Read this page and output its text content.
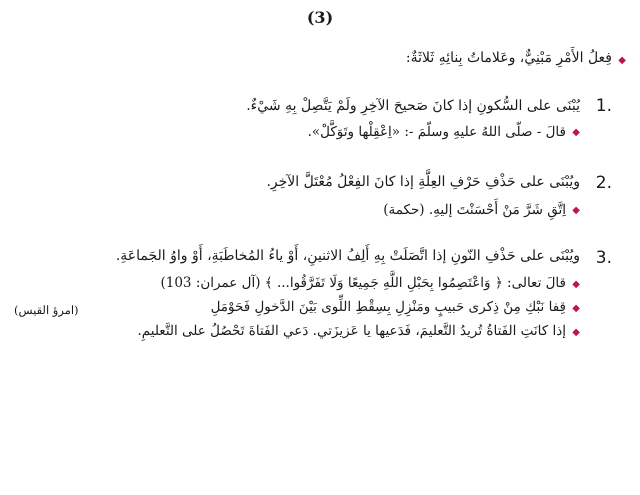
(3)
◆
فِعلُ الأَمْرِ مَبْنِيٌّ، وعَلاماتُ بِنائِهِ ثَلاثَةٌ:
1.
يُبْنَى على السُّكونِ إذا كانَ صَحيحَ الآخِرِ ولَمْ يَتَّصِلْ بِهِ شَيْءٌ.
◆
قالَ - صلّى اللهُ عليهِ وسلّمَ -: «اِعْقِلْها وتَوَكَّلْ».
2.
ويُبْنَى على حَذْفِ حَرْفِ العِلَّةِ إذا كانَ الفِعْلُ مُعْتَلَّ الآخِرِ.
◆
اِتَّقِ شَرَّ مَنْ أَحْسَنْتَ إليهِ. (حكمة)
3.
ويُبْنَى على حَذْفِ النّونِ إذا اتَّصَلَتْ بِهِ أَلِفُ الاثنينِ، أَوْ ياءُ المُخاطَبَةِ، أَوْ واوُ الجَماعَةِ.
◆
قالَ تعالى: ﴿ وَاعْتَصِمُوا بِحَبْلِ اللَّهِ جَمِيعًا وَلَا تَفَرَّقُوا... ﴾ (آل عمران: 103)
◆
قِفا نَبْكِ مِنْ ذِكرى حَبيبٍ ومَنْزِلِ بِسِقْطِ اللِّوى بَيْنَ الدَّخولِ فَحَوْمَلِ
(امرؤ القيس)
◆
إذا كانَتِ الفَتاةُ تُريدُ التَّعليمَ، فَدَعيها يا عَزيزَتي. دَعي الفَتاةَ تَحْصُلُ على التَّعليمِ.
